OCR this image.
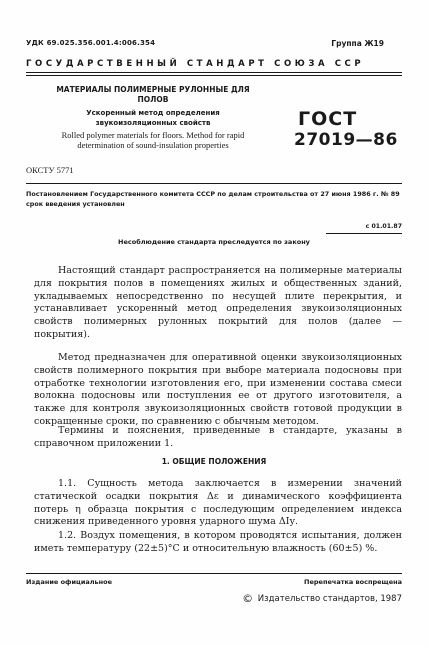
УДК 69.025.356.001.4:006.354	Группа Ж19
ГОСУДАРСТВЕННЫЙ СТАНДАРТ СОЮЗА ССР
МАТЕРИАЛЫ ПОЛИМЕРНЫЕ РУЛОННЫЕ ДЛЯ ПОЛОВ
Ускоренный метод определения звукоизоляционных свойств
Rolled polymer materials for floors. Method for rapid determination of sound-insulation properties
ГОСТ
27019—86
ОКСТУ 5771
Постановлением Государственного комитета СССР по делам строительства от 27 июня 1986 г. № 89 срок введения установлен
с 01.01.87
Несоблюдение стандарта преследуется по закону

Настоящий стандарт распространяется на полимерные материалы для покрытия полов в помещениях жилых и общественных зданий, укладываемых непосредственно по несущей плите перекрытия, и устанавливает ускоренный метод определения звукоизоляционных свойств полимерных рулонных покрытий для полов (далее — покрытия).

Метод предназначен для оперативной оценки звукоизоляционных свойств полимерного покрытия при выборе материала подосновы при отработке технологии изготовления его, при изменении состава смеси волокна подосновы или поступления ее от другого изготовителя, а также для контроля звукоизоляционных свойств готовой продукции в сокращенные сроки, по сравнению с обычным методом.

Термины и пояснения, приведенные в стандарте, указаны в справочном приложении 1.

1. ОБЩИЕ ПОЛОЖЕНИЯ

1.1. Сущность метода заключается в измерении значений статической осадки покрытия Δε и динамического коэффициента потерь η образца покрытия с последующим определением индекса снижения приведенного уровня ударного шума ΔIу.

1.2. Воздух помещения, в котором проводятся испытания, должен иметь температуру (22±5)°С и относительную влажность (60±5) %.

Издание официальное	Перепечатка воспрещена
© Издательство стандартов, 1987
